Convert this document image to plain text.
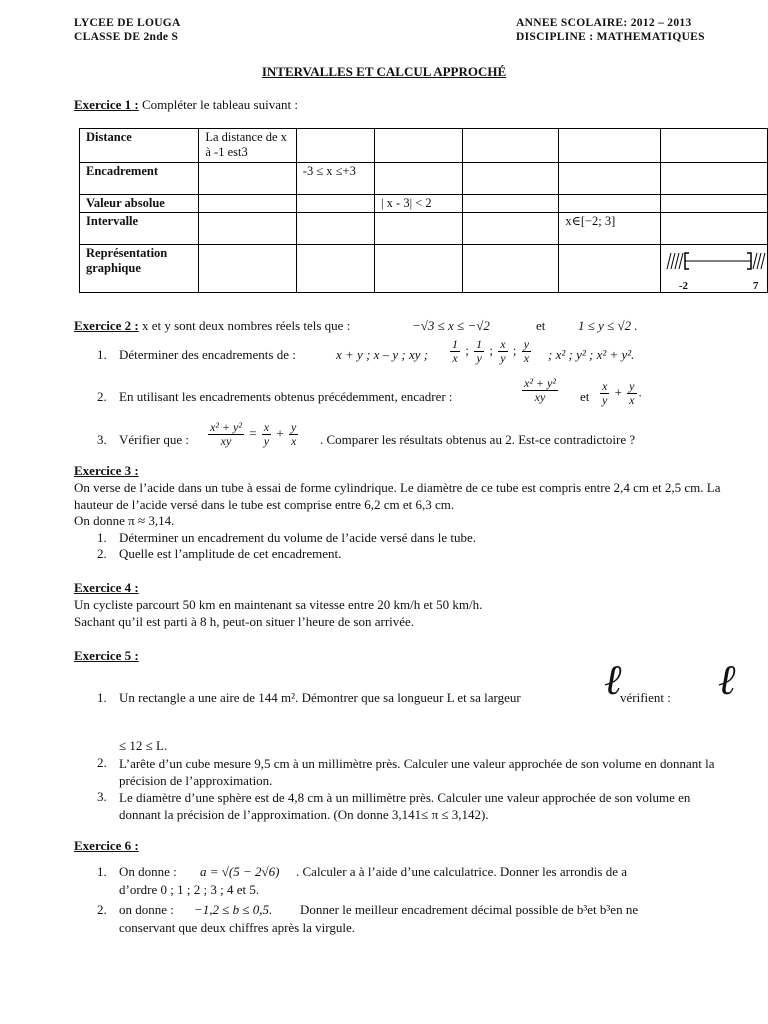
LYCEE DE LOUGA
CLASSE DE 2nde S
ANNEE SCOLAIRE: 2012 – 2013
DISCIPLINE : MATHEMATIQUES
INTERVALLES ET CALCUL APPROCHÉ
Exercice 1 : Compléter le tableau suivant :
Distance	La distance de x à -1 est3					
Encadrement		-3 ≤ x ≤+3				
Valeur absolue			| x - 3| < 2			
Intervalle					x∈[−2; 3]	
Représentation graphique						-2 7
Exercice 2 : x et y sont deux nombres réels tels que :	−√3 ≤ x ≤ −√2	et	1 ≤ y ≤ √2 .
1. Déterminer des encadrements de :	x + y ; x – y ; xy ; $\frac{1}{x}$ ; $\frac{1}{y}$ ; $\frac{x}{y}$ ; $\frac{y}{x}$ ; x² ; y² ; x² + y².
2. En utilisant les encadrements obtenus précédemment, encadrer :	$\frac{\text{x² + y²}}{xy}$ et $\frac{x}{y} + \frac{y}{x}$ .
3. Vérifier que : $\frac{\text{x² + y²}}{xy} = \frac{x}{y} + \frac{y}{x}$ . Comparer les résultats obtenus au 2. Est-ce contradictoire ?
Exercice 3 :
On verse de l’acide dans un tube à essai de forme cylindrique. Le diamètre de ce tube est compris entre 2,4 cm et 2,5 cm. La hauteur de l’acide versé dans le tube est comprise entre 6,2 cm et 6,3 cm.
On donne π ≈ 3,14.
1. Déterminer un encadrement du volume de l’acide versé dans le tube.
2. Quelle est l’amplitude de cet encadrement.
Exercice 4 :
Un cycliste parcourt 50 km en maintenant sa vitesse entre 20 km/h et 50 km/h.
Sachant qu’il est parti à 8 h, peut-on situer l’heure de son arrivée.
Exercice 5 :
1. Un rectangle a une aire de 144 m². Démontrer que sa longueur L et sa largeur ℓ
vérifient : ℓ
≤ 12 ≤ L.
2. L’arête d’un cube mesure 9,5 cm à un millimètre près. Calculer une valeur approchée de son volume en donnant la précision de l’approximation.
3. Le diamètre d’une sphère est de 4,8 cm à un millimètre près. Calculer une valeur approchée de son volume en donnant la précision de l’approximation. (On donne 3,141≤ π ≤ 3,142).
Exercice 6 :
1. On donne : a = √(5 − 2√6) . Calculer a à l’aide d’une calculatrice. Donner les arrondis de a
d’ordre 0 ; 1 ; 2 ; 3 ; 4 et 5.
2. on donne : −1,2 ≤ b ≤ 0,5. Donner le meilleur encadrement décimal possible de b³et b³en ne
conservant que deux chiffres après la virgule.
